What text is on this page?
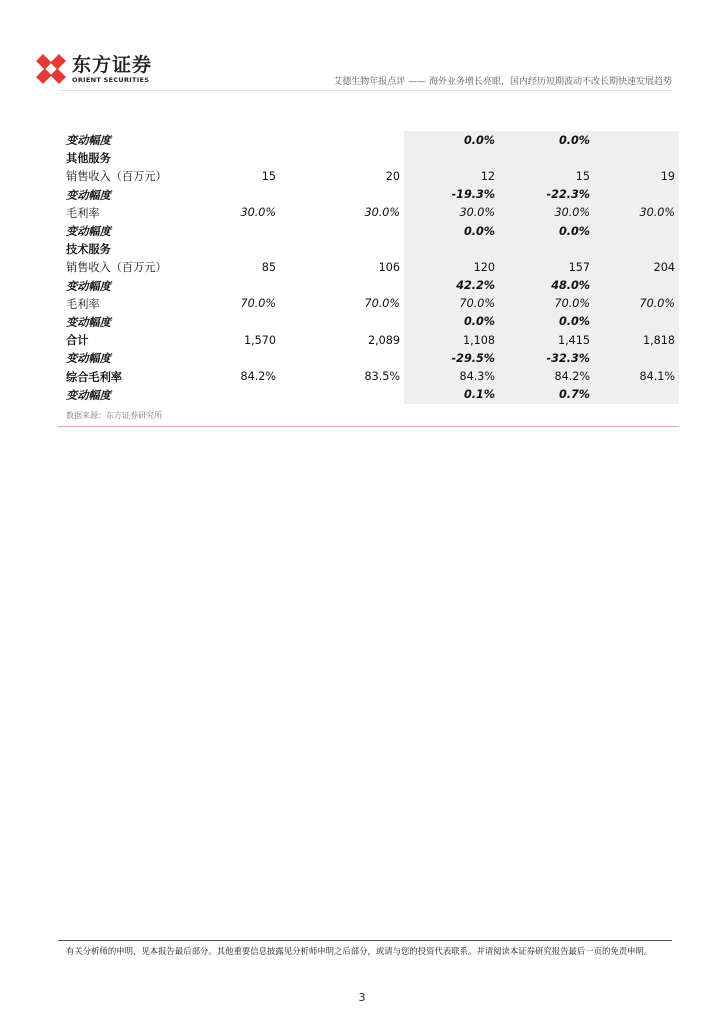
东方证券
ORIENT SECURITIES	艾德生物年报点评 —— 海外业务增长亮眼，国内经历短期波动不改长期快速发展趋势
变动幅度			0.0%	0.0%	
其他服务					
销售收入（百万元）	15	20	12	15	19
变动幅度			-19.3%	-22.3%	
毛利率	30.0%	30.0%	30.0%	30.0%	30.0%
变动幅度			0.0%	0.0%	
技术服务					
销售收入（百万元）	85	106	120	157	204
变动幅度			42.2%	48.0%	
毛利率	70.0%	70.0%	70.0%	70.0%	70.0%
变动幅度			0.0%	0.0%	
合计	1,570	2,089	1,108	1,415	1,818
变动幅度			-29.5%	-32.3%	
综合毛利率	84.2%	83.5%	84.3%	84.2%	84.1%
变动幅度			0.1%	0.7%	
数据来源：东方证券研究所
有关分析师的申明，见本报告最后部分。其他重要信息披露见分析师申明之后部分，或请与您的投资代表联系。并请阅读本证券研究报告最后一页的免责申明。
3
